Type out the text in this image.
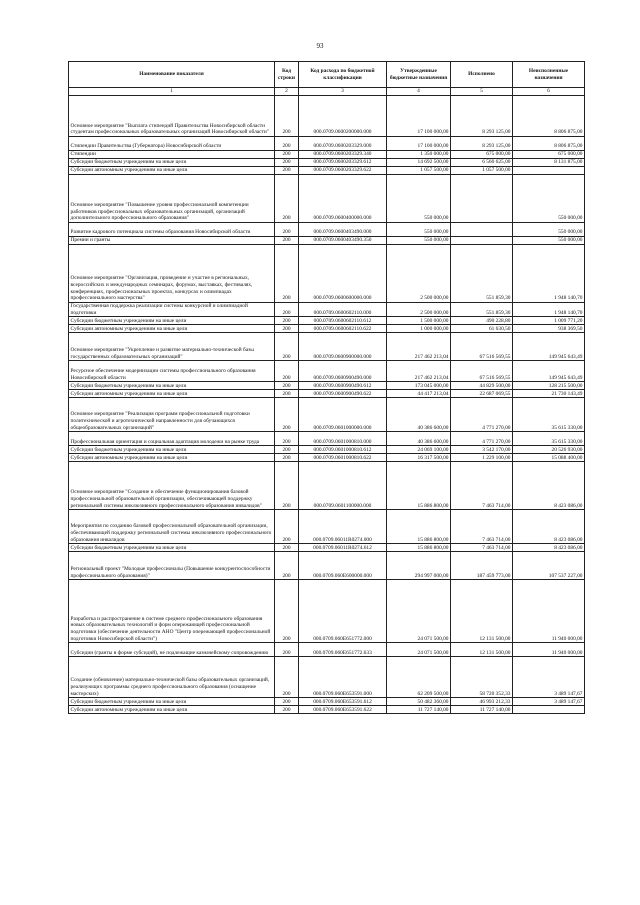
93
Наименование показателя	Код строки	Код расхода по бюджетной классификации	Утвержденные бюджетные назначения	Исполнено	Неисполненные назначения
1	2	3	4	5	6
Основное мероприятие "Выплата стипендий Правительства Новосибирской области студентам профессиональных образовательных организаций Новосибирской области"	200	000.0709.0600200000.000	17 100 000,00	8 293 125,00	8 806 875,00
Стипендии Правительства (Губернатора) Новосибирской области	200	000.0709.0600203329.000	17 100 000,00	8 293 125,00	8 806 875,00
Стипендии	200	000.0709.0600203329.340	1 350 000,00	675 000,00	675 000,00
Субсидии бюджетным учреждениям на иные цели	200	000.0709.0600203329.612	14 692 500,00	6 560 625,00	8 131 875,00
Субсидии автономным учреждениям на иные цели	200	000.0709.0600203329.622	1 057 500,00	1 057 500,00	
Основное мероприятие "Повышение уровня профессиональной компетенции работников профессиональных образовательных организаций, организаций дополнительного профессионального образования"	200	000.0709.0600400000.000	550 000,00		550 000,00
Развитие кадрового потенциала системы образования Новосибирской области	200	000.0709.0600403490.000	550 000,00		550 000,00
Премии и гранты	200	000.0709.0600403490.350	550 000,00		550 000,00
Основное мероприятие "Организация, проведение и участие в региональных, всероссийских и международных семинарах, форумах, выставках, фестивалях, конференциях, профессиональных проектах, конкурсах и олимпиадах профессионального мастерства"	200	000.0709.0600600000.000	2 500 000,00	551 859,30	1 948 140,70
Государственная поддержка реализации системы конкурсной и олимпиадной подготовки	200	000.0709.0600602110.000	2 500 000,00	551 859,30	1 948 140,70
Субсидии бюджетным учреждениям на иные цели	200	000.0709.0600602110.612	1 500 000,00	490 228,80	1 009 771,20
Субсидии автономным учреждениям на иные цели	200	000.0709.0600602110.622	1 000 000,00	61 630,50	938 369,50
Основное мероприятие "Укрепление и развитие материально-технической базы государственных образовательных организаций"	200	000.0709.0600900000.000	217 462 213,04	67 516 569,55	149 945 643,49
Ресурсное обеспечение модернизации системы профессионального образования Новосибирской области	200	000.0709.0600900490.000	217 462 213,04	67 516 569,55	149 945 643,49
Субсидии бюджетным учреждениям на иные цели	200	000.0709.0600900490.612	173 045 000,00	44 829 500,00	128 215 500,00
Субсидии автономным учреждениям на иные цели	200	000.0709.0600900490.622	44 417 213,04	22 687 069,55	21 730 143,49
Основное мероприятие "Реализация программ профессиональной подготовки политехнической и агротехнической направленности для обучающихся общеобразовательных организаций"	200	000.0709.0601000000.000	40 386 600,00	4 771 270,00	35 615 330,00
Профессиональная ориентация и социальная адаптация молодежи на рынке труда	200	000.0709.0601000810.000	40 386 600,00	4 771 270,00	35 615 330,00
Субсидии бюджетным учреждениям на иные цели	200	000.0709.0601000810.612	24 069 100,00	3 542 170,00	20 526 930,00
Субсидии автономным учреждениям на иные цели	200	000.0709.0601000810.622	16 317 500,00	1 229 100,00	15 088 400,00
Основное мероприятие "Создание и обеспечение функционирования базовой профессиональной образовательной организации, обеспечивающей поддержку региональной системы инклюзивного профессионального образования инвалидов"	200	000.0709.0601100000.000	15 886 800,00	7 463 714,00	8 423 086,00
Мероприятия по созданию базовой профессиональной образовательной организации, обеспечивающей поддержку региональной системы инклюзивного профессионального образования инвалидов	200	000.0709.06011R0274.000	15 886 800,00	7 463 714,00	8 423 086,00
Субсидии бюджетным учреждениям на иные цели	200	000.0709.06011R0274.612	15 886 800,00	7 463 714,00	8 423 086,00
Региональный проект "Молодые профессионалы (Повышение конкурентоспособности профессионального образования)"	200	000.0709.060E600000.000	294 997 000,00	187 459 773,00	107 537 227,00
Разработка и распространение в системе среднего профессионального образования новых образовательных технологий и форм опережающей профессиональной подготовки (обеспечение деятельности АНО "Центр опережающей профессиональной подготовки Новосибирской области")	200	000.0709.060E651772.000	24 071 500,00	12 131 500,00	11 940 000,00
Субсидии (гранты в форме субсидий), не подлежащие казначейскому сопровождению	200	000.0709.060E651772.633	24 071 500,00	12 131 500,00	11 940 000,00
Создание (обновление) материально-технической базы образовательных организаций, реализующих программы среднего профессионального образования (оснащение мастерских)	200	000.0709.060E653591.000	62 209 500,00	58 720 352,33	3 489 147,67
Субсидии бюджетным учреждениям на иные цели	200	000.0709.060E653591.612	50 482 360,00	46 993 212,33	3 489 147,67
Субсидии автономным учреждениям на иные цели	200	000.0709.060E653591.622	11 727 140,00	11 727 140,00	
